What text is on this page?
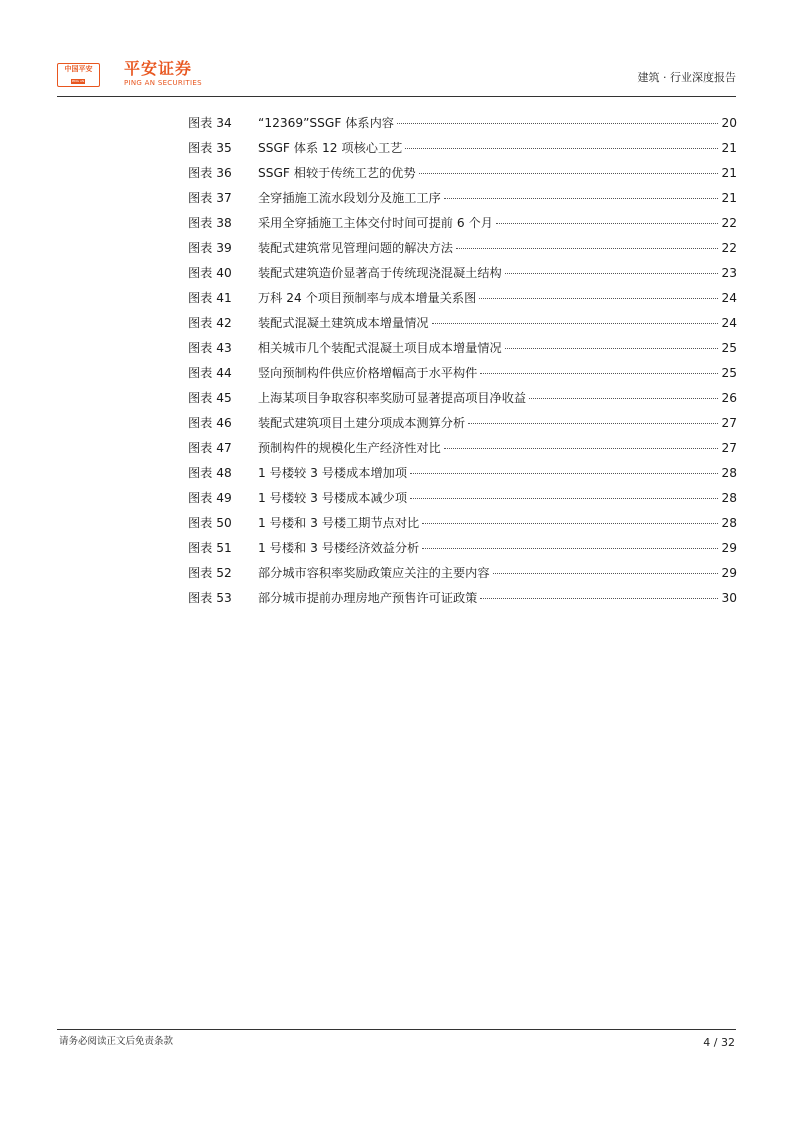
中国平安
PING AN
平安证券
PING AN SECURITIES	建筑 · 行业深度报告
图表 34	“12369”SSGF 体系内容	20
图表 35	SSGF 体系 12 项核心工艺	21
图表 36	SSGF 相较于传统工艺的优势	21
图表 37	全穿插施工流水段划分及施工工序	21
图表 38	采用全穿插施工主体交付时间可提前 6 个月	22
图表 39	装配式建筑常见管理问题的解决方法	22
图表 40	装配式建筑造价显著高于传统现浇混凝土结构	23
图表 41	万科 24 个项目预制率与成本增量关系图	24
图表 42	装配式混凝土建筑成本增量情况	24
图表 43	相关城市几个装配式混凝土项目成本增量情况	25
图表 44	竖向预制构件供应价格增幅高于水平构件	25
图表 45	上海某项目争取容积率奖励可显著提高项目净收益	26
图表 46	装配式建筑项目土建分项成本测算分析	27
图表 47	预制构件的规模化生产经济性对比	27
图表 48	1 号楼较 3 号楼成本增加项	28
图表 49	1 号楼较 3 号楼成本减少项	28
图表 50	1 号楼和 3 号楼工期节点对比	28
图表 51	1 号楼和 3 号楼经济效益分析	29
图表 52	部分城市容积率奖励政策应关注的主要内容	29
图表 53	部分城市提前办理房地产预售许可证政策	30
请务必阅读正文后免责条款	4 / 32
